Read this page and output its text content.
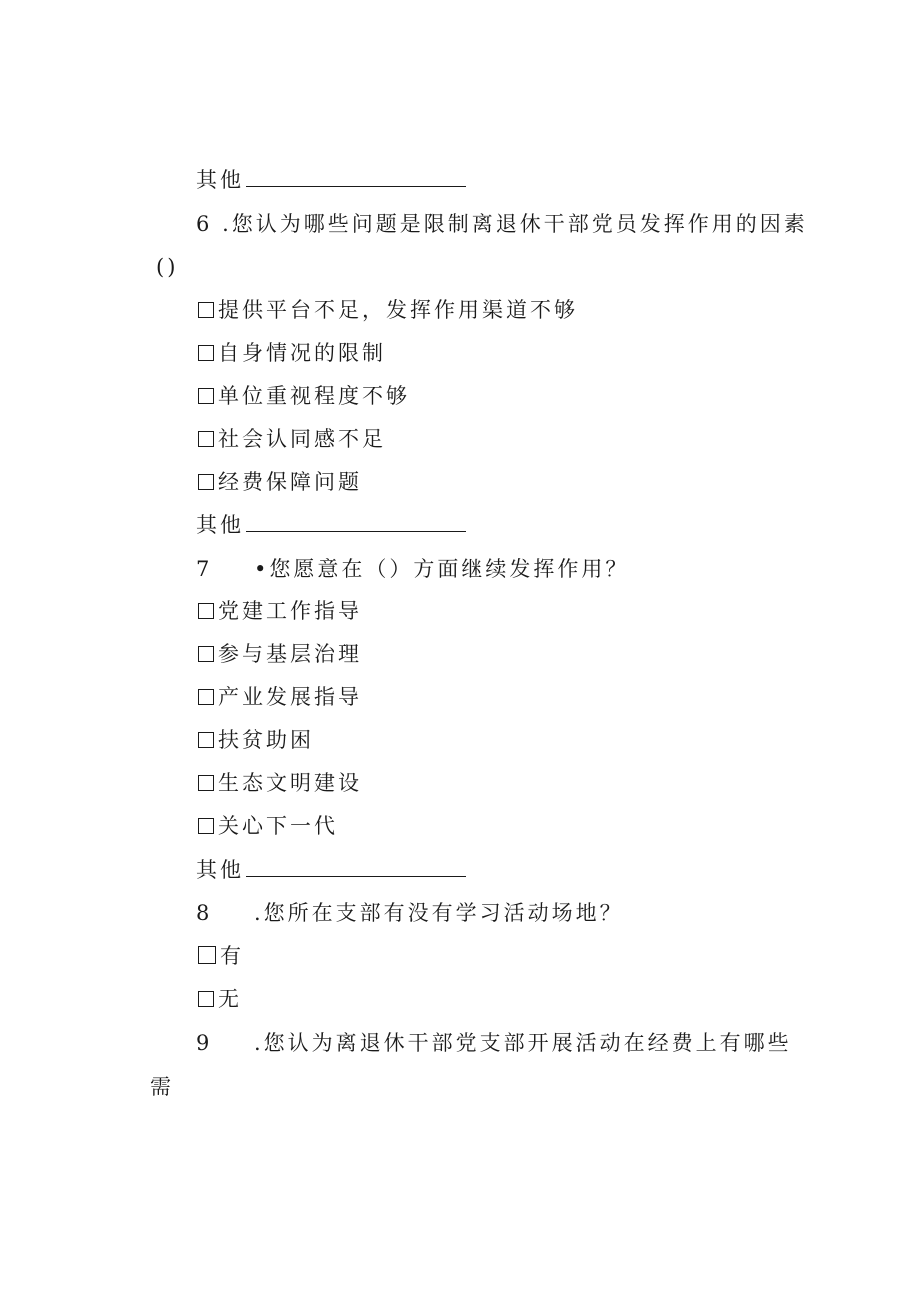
其他
6 .您认为哪些问题是限制离退休干部党员发挥作用的因素
()
提供平台不足，发挥作用渠道不够
自身情况的限制
单位重视程度不够
社会认同感不足
经费保障问题
其他
7 •您愿意在（）方面继续发挥作用？
党建工作指导
参与基层治理
产业发展指导
扶贫助困
生态文明建设
关心下一代
其他
8 .您所在支部有没有学习活动场地？
有
无
9 .您认为离退休干部党支部开展活动在经费上有哪些
需
